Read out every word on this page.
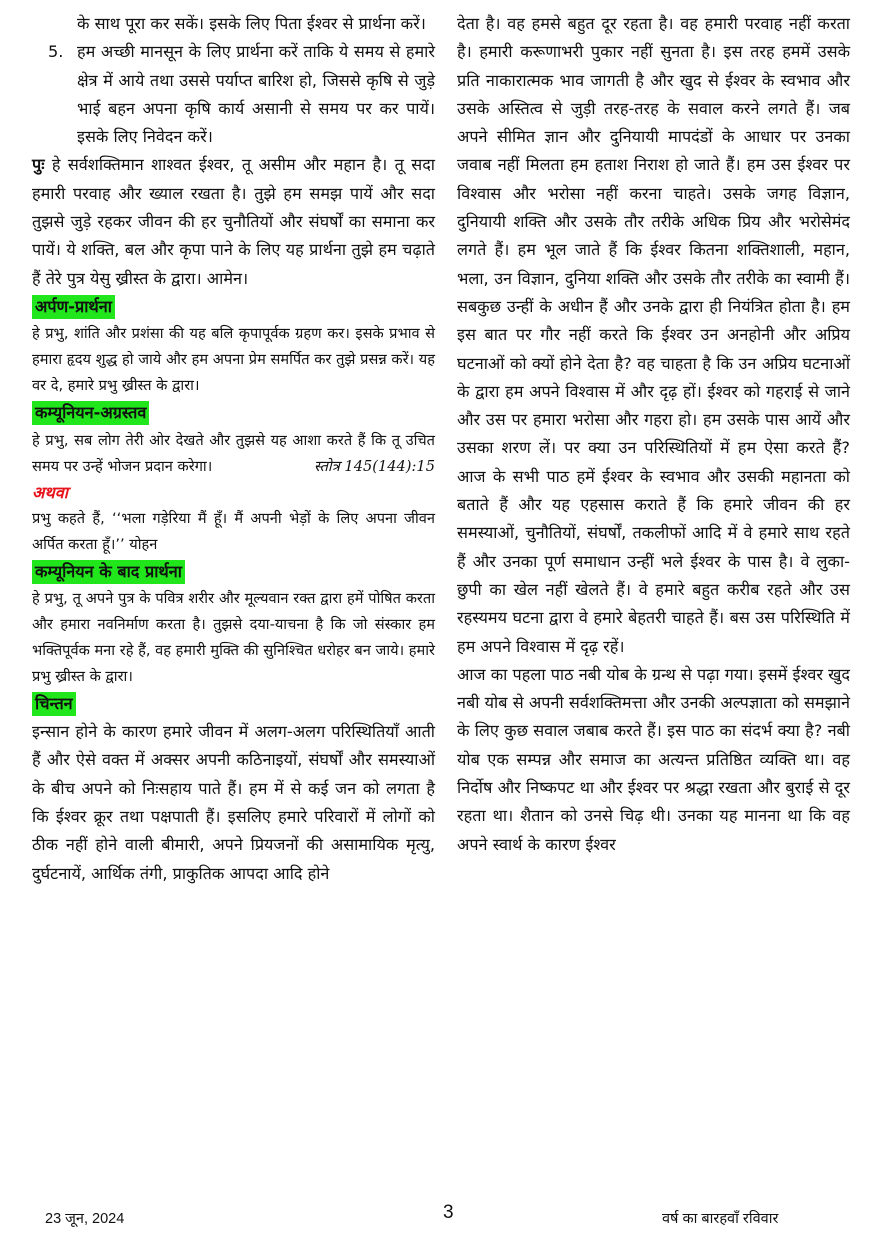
के साथ पूरा कर सकें। इसके लिए पिता ईश्वर से प्रार्थना करें।

5. हम अच्छी मानसून के लिए प्रार्थना करें ताकि ये समय से हमारे क्षेत्र में आये तथा उससे पर्याप्त बारिश हो, जिससे कृषि से जुड़े भाई बहन अपना कृषि कार्य असानी से समय पर कर पायें। इसके लिए निवेदन करें।

पुः हे सर्वशक्तिमान शाश्वत ईश्वर, तू असीम और महान है। तू सदा हमारी परवाह और ख्याल रखता है। तुझे हम समझ पायें और सदा तुझसे जुड़े रहकर जीवन की हर चुनौतियों और संघर्षों का समाना कर पायें। ये शक्ति, बल और कृपा पाने के लिए यह प्रार्थना तुझे हम चढ़ाते हैं तेरे पुत्र येसु ख्रीस्त के द्वारा। आमेन।

अर्पण-प्रार्थना

हे प्रभु, शांति और प्रशंसा की यह बलि कृपापूर्वक ग्रहण कर। इसके प्रभाव से हमारा हृदय शुद्ध हो जाये और हम अपना प्रेम समर्पित कर तुझे प्रसन्न करें। यह वर दे, हमारे प्रभु ख्रीस्त के द्वारा।

कम्यूनियन-अग्रस्तव

हे प्रभु, सब लोग तेरी ओर देखते और तुझसे यह आशा करते हैं कि तू उचित समय पर उन्हें भोजन प्रदान करेगा।	स्तोत्र 145(144):15

अथवा

प्रभु कहते हैं, ‘‘भला गड़ेरिया मैं हूँ। मैं अपनी भेड़ों के लिए अपना जीवन अर्पित करता हूँ।’’ योहन

कम्यूनियन के बाद प्रार्थना

हे प्रभु, तू अपने पुत्र के पवित्र शरीर और मूल्यवान रक्त द्वारा हमें पोषित करता और हमारा नवनिर्माण करता है। तुझसे दया-याचना है कि जो संस्कार हम भक्तिपूर्वक मना रहे हैं, वह हमारी मुक्ति की सुनिश्चित धरोहर बन जाये। हमारे प्रभु ख्रीस्त के द्वारा।

चिन्तन

इन्सान होने के कारण हमारे जीवन में अलग-अलग परिस्थितियाँ आती हैं और ऐसे वक्त में अक्सर अपनी कठिनाइयों, संघर्षों और समस्याओं के बीच अपने को निःसहाय पाते हैं। हम में से कई जन को लगता है कि ईश्वर क्रूर तथा पक्षपाती हैं। इसलिए हमारे परिवारों में लोगों को ठीक नहीं होने वाली बीमारी, अपने प्रियजनों की असामायिक मृत्यु, दुर्घटनायें, आर्थिक तंगी, प्राकुतिक आपदा आदि होने

देता है। वह हमसे बहुत दूर रहता है। वह हमारी परवाह नहीं करता है। हमारी करूणाभरी पुकार नहीं सुनता है। इस तरह हममें उसके प्रति नाकारात्मक भाव जागती है और खुद से ईश्वर के स्वभाव और उसके अस्तित्व से जुड़ी तरह-तरह के सवाल करने लगते हैं। जब अपने सीमित ज्ञान और दुनियायी मापदंडों के आधार पर उनका जवाब नहीं मिलता हम हताश निराश हो जाते हैं। हम उस ईश्वर पर विश्वास और भरोसा नहीं करना चाहते। उसके जगह विज्ञान, दुनियायी शक्ति और उसके तौर तरीके अधिक प्रिय और भरोसेमंद लगते हैं। हम भूल जाते हैं कि ईश्वर कितना शक्तिशाली, महान, भला, उन विज्ञान, दुनिया शक्ति और उसके तौर तरीके का स्वामी हैं। सबकुछ उन्हीं के अधीन हैं और उनके द्वारा ही नियंत्रित होता है। हम इस बात पर गौर नहीं करते कि ईश्वर उन अनहोनी और अप्रिय घटनाओं को क्यों होने देता है? वह चाहता है कि उन अप्रिय घटनाओं के द्वारा हम अपने विश्वास में और दृढ़ हों। ईश्वर को गहराई से जाने और उस पर हमारा भरोसा और गहरा हो। हम उसके पास आयें और उसका शरण लें। पर क्या उन परिस्थितियों में हम ऐसा करते हैं? आज के सभी पाठ हमें ईश्वर के स्वभाव और उसकी महानता को बताते हैं और यह एहसास कराते हैं कि हमारे जीवन की हर समस्याओं, चुनौतियों, संघर्षों, तकलीफों आदि में वे हमारे साथ रहते हैं और उनका पूर्ण समाधान उन्हीं भले ईश्वर के पास है। वे लुका-छुपी का खेल नहीं खेलते हैं। वे हमारे बहुत करीब रहते और उस रहस्यमय घटना द्वारा वे हमारे बेहतरी चाहते हैं। बस उस परिस्थिति में हम अपने विश्वास में दृढ़ रहें।

आज का पहला पाठ नबी योब के ग्रन्थ से पढ़ा गया। इसमें ईश्वर खुद नबी योब से अपनी सर्वशक्तिमत्ता और उनकी अल्पज्ञाता को समझाने के लिए कुछ सवाल जबाब करते हैं। इस पाठ का संदर्भ क्या है? नबी योब एक सम्पन्न और समाज का अत्यन्त प्रतिष्ठित व्यक्ति था। वह निर्दोष और निष्कपट था और ईश्वर पर श्रद्धा रखता और बुराई से दूर रहता था। शैतान को उनसे चिढ़ थी। उनका यह मानना था कि वह अपने स्वार्थ के कारण ईश्वर

23 जून, 2024	3	वर्ष का बारहवाँ रविवार
